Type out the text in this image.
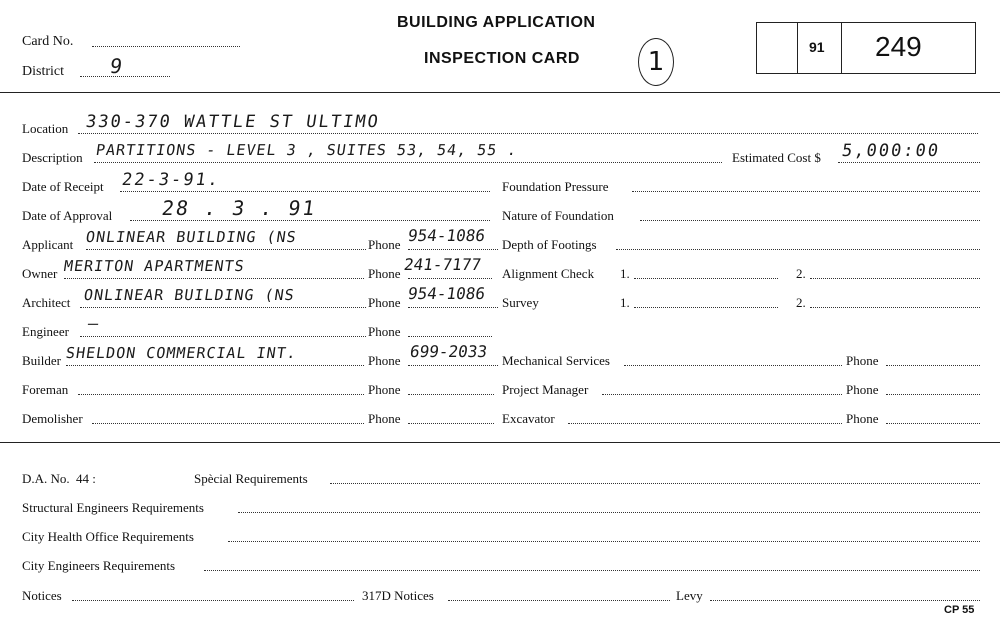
Card No.
District 9
BUILDING APPLICATION
INSPECTION CARD	1	91 249
Location 330-370 WATTLE ST ULTIMO
Description PARTITIONS - LEVEL 3 , SUITES 53, 54, 55 .	Estimated Cost $ 5,000:00
Date of Receipt 22-3-91.
Date of Approval 28 . 3 . 91
Applicant ONLINEAR BUILDING (NS	Phone 954-1086
Owner MERITON APARTMENTS	Phone 241-7177
Architect ONLINEAR BUILDING (NS	Phone 954-1086
Engineer —	Phone
Builder SHELDON COMMERCIAL INT.	Phone 699-2033
Foreman	Phone
Demolisher	Phone
Foundation Pressure
Nature of Foundation
Depth of Footings
Alignment Check 1.	2.
Survey	1.	2.
Mechanical Services	Phone
Project Manager	Phone
Excavator	Phone
D.A. No. 44 :	Spècial Requirements
Structural Engineers Requirements
City Health Office Requirements
City Engineers Requirements
Notices	317D Notices	Levy
CP 55
